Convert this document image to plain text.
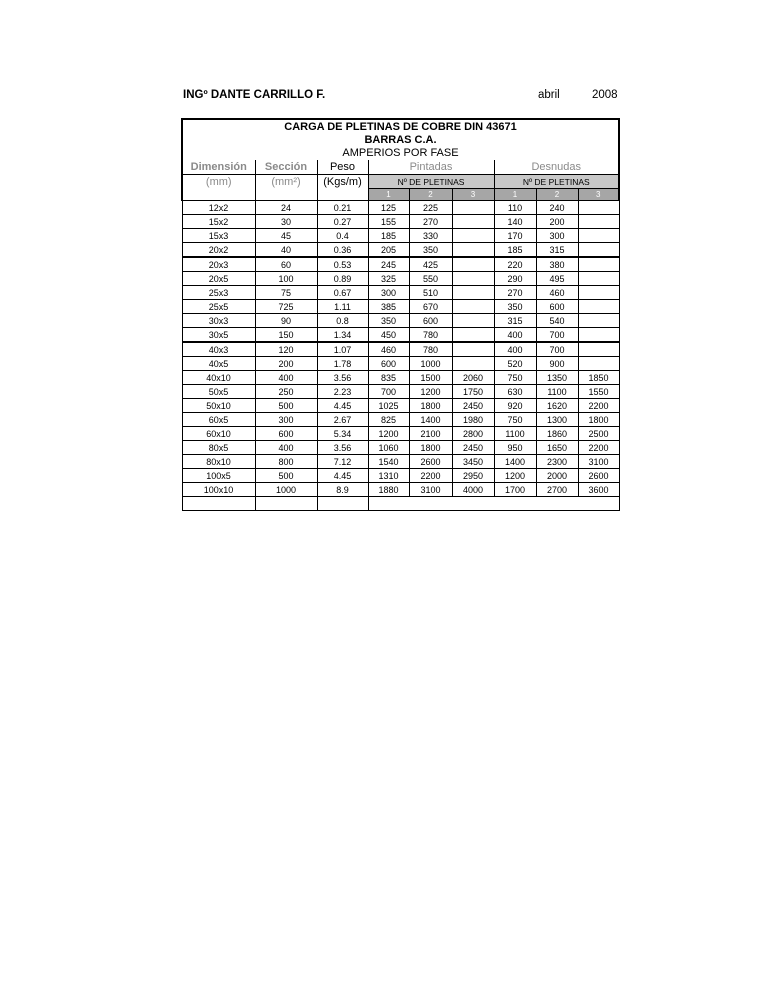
INGº DANTE CARRILLO F.	abril	2008
CARGA DE PLETINAS DE COBRE DIN 43671
BARRAS C.A.
AMPERIOS POR FASE
Dimensión	Sección	Peso	Pintadas			Desnudas		
(mm)	(mm²)	(Kgs/m)	Nº DE PLETINAS			Nº DE PLETINAS		
			1	2	3	1	2	3
12x2	24	0.21	125	225		110	240	
15x2	30	0.27	155	270		140	200	
15x3	45	0.4	185	330		170	300	
20x2	40	0.36	205	350		185	315	
20x3	60	0.53	245	425		220	380	
20x5	100	0.89	325	550		290	495	
25x3	75	0.67	300	510		270	460	
25x5	725	1.11	385	670		350	600	
30x3	90	0.8	350	600		315	540	
30x5	150	1.34	450	780		400	700	
40x3	120	1.07	460	780		400	700	
40x5	200	1.78	600	1000		520	900	
40x10	400	3.56	835	1500	2060	750	1350	1850
50x5	250	2.23	700	1200	1750	630	1100	1550
50x10	500	4.45	1025	1800	2450	920	1620	2200
60x5	300	2.67	825	1400	1980	750	1300	1800
60x10	600	5.34	1200	2100	2800	1100	1860	2500
80x5	400	3.56	1060	1800	2450	950	1650	2200
80x10	800	7.12	1540	2600	3450	1400	2300	3100
100x5	500	4.45	1310	2200	2950	1200	2000	2600
100x10	1000	8.9	1880	3100	4000	1700	2700	3600
